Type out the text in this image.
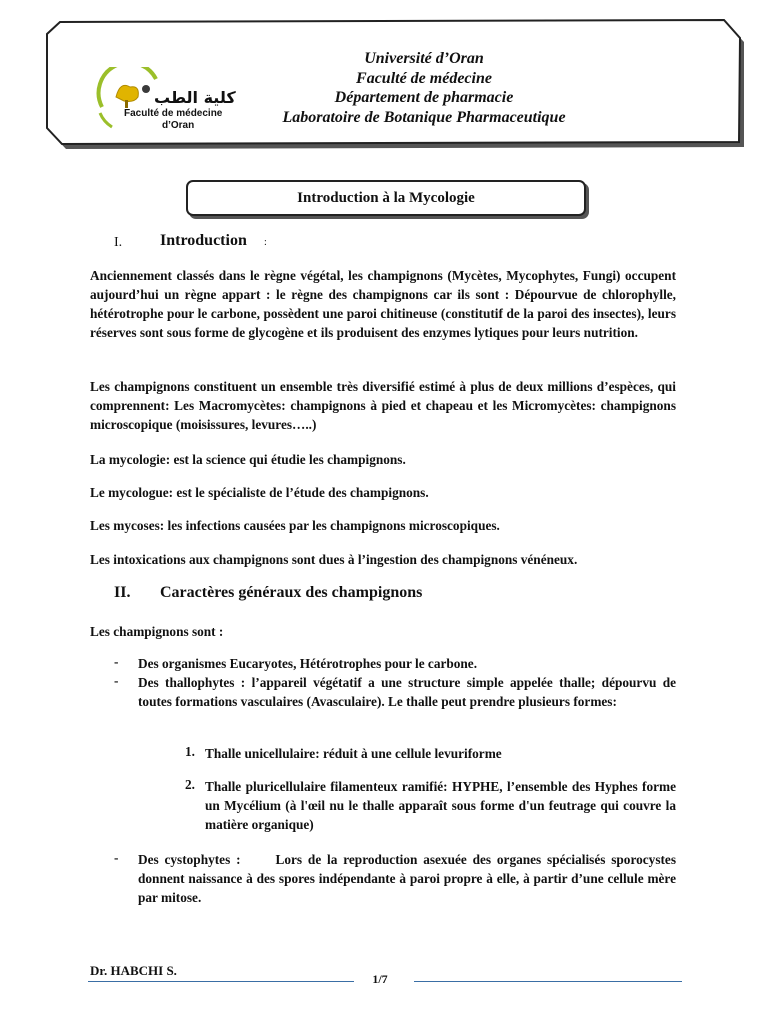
كلية الطب
Faculté de médecine
d’Oran
Université d’Oran
Faculté de médecine
Département de pharmacie
Laboratoire de Botanique Pharmaceutique
Introduction à la Mycologie
I. Introduction :
Anciennement classés dans le règne végétal, les champignons (Mycètes, Mycophytes, Fungi) occupent aujourd’hui un règne appart : le règne des champignons car ils sont : Dépourvue de chlorophylle, hétérotrophe pour le carbone, possèdent une paroi chitineuse (constitutif de la paroi des insectes), leurs réserves sont sous forme de glycogène et ils produisent des enzymes lytiques pour leurs nutrition.
Les champignons constituent un ensemble très diversifié estimé à plus de deux millions d’espèces, qui comprennent: Les Macromycètes: champignons à pied et chapeau et les Micromycètes: champignons microscopique (moisissures, levures…..)
La mycologie: est la science qui étudie les champignons.
Le mycologue: est le spécialiste de l’étude des champignons.
Les mycoses: les infections causées par les champignons microscopiques.
Les intoxications aux champignons sont dues à l’ingestion des champignons vénéneux.
II. Caractères généraux des champignons
Les champignons sont :
- Des organismes Eucaryotes, Hétérotrophes pour le carbone.
- Des thallophytes : l’appareil végétatif a une structure simple appelée thalle; dépourvu de toutes formations vasculaires (Avasculaire). Le thalle peut prendre plusieurs formes:
1. Thalle unicellulaire: réduit à une cellule levuriforme
2. Thalle pluricellulaire filamenteux ramifié: HYPHE, l’ensemble des Hyphes forme un Mycélium (à l'œil nu le thalle apparaît sous forme d'un feutrage qui couvre la matière organique)
- Des cystophytes :      Lors de la reproduction asexuée des organes spécialisés sporocystes donnent naissance à des spores indépendante à paroi propre à elle, à partir d’une cellule mère par mitose.
Dr. HABCHI S.
1/7
